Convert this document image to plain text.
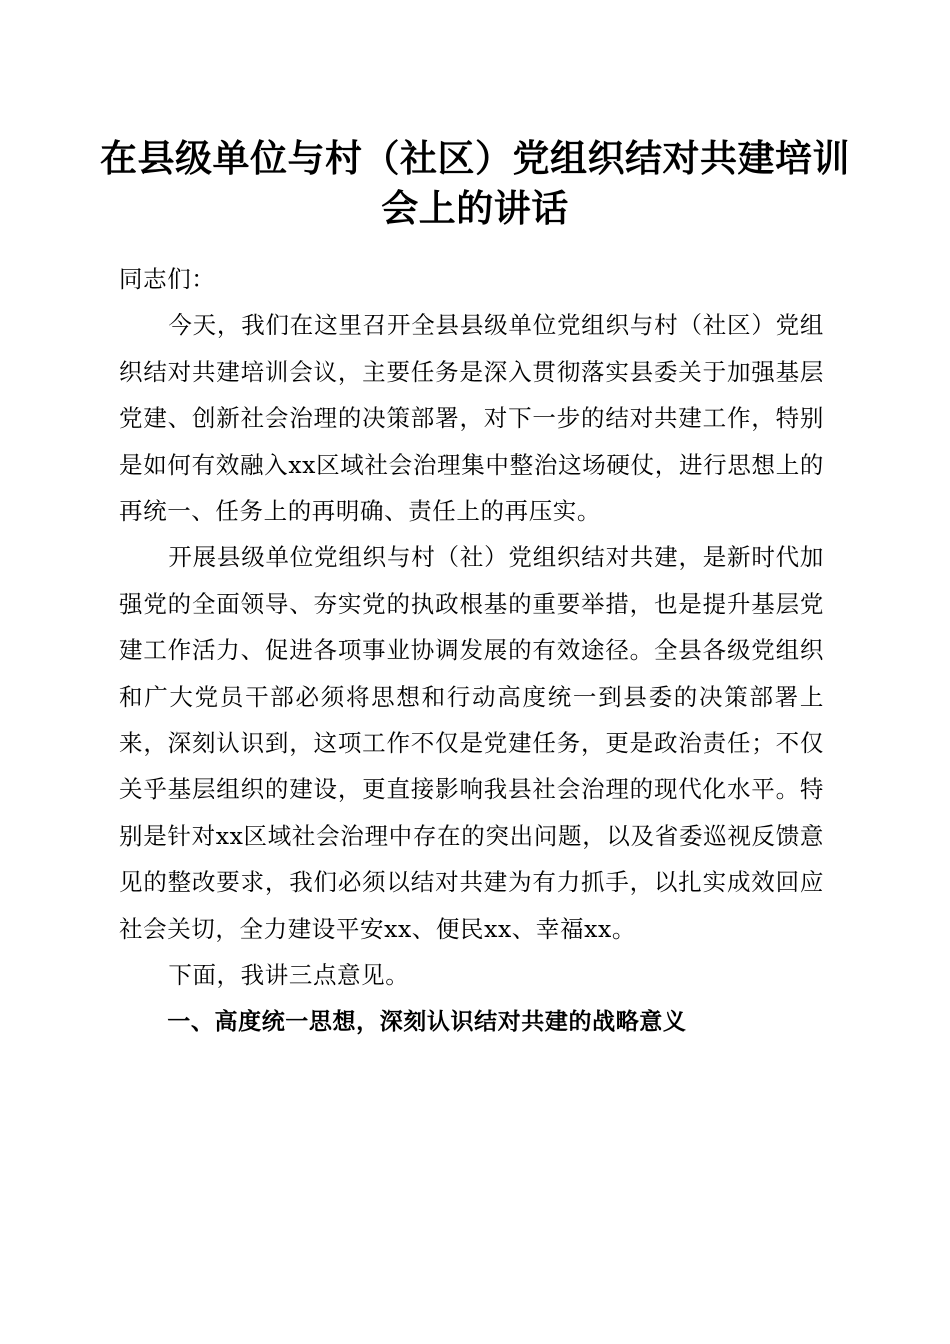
在县级单位与村（社区）党组织结对共建培训会上的讲话

同志们：

今天，我们在这里召开全县县级单位党组织与村（社区）党组织结对共建培训会议，主要任务是深入贯彻落实县委关于加强基层党建、创新社会治理的决策部署，对下一步的结对共建工作，特别是如何有效融入xx区域社会治理集中整治这场硬仗，进行思想上的再统一、任务上的再明确、责任上的再压实。

开展县级单位党组织与村（社）党组织结对共建，是新时代加强党的全面领导、夯实党的执政根基的重要举措，也是提升基层党建工作活力、促进各项事业协调发展的有效途径。全县各级党组织和广大党员干部必须将思想和行动高度统一到县委的决策部署上来，深刻认识到，这项工作不仅是党建任务，更是政治责任；不仅关乎基层组织的建设，更直接影响我县社会治理的现代化水平。特别是针对xx区域社会治理中存在的突出问题，以及省委巡视反馈意见的整改要求，我们必须以结对共建为有力抓手，以扎实成效回应社会关切，全力建设平安xx、便民xx、幸福xx。

下面，我讲三点意见。

一、高度统一思想，深刻认识结对共建的战略意义
